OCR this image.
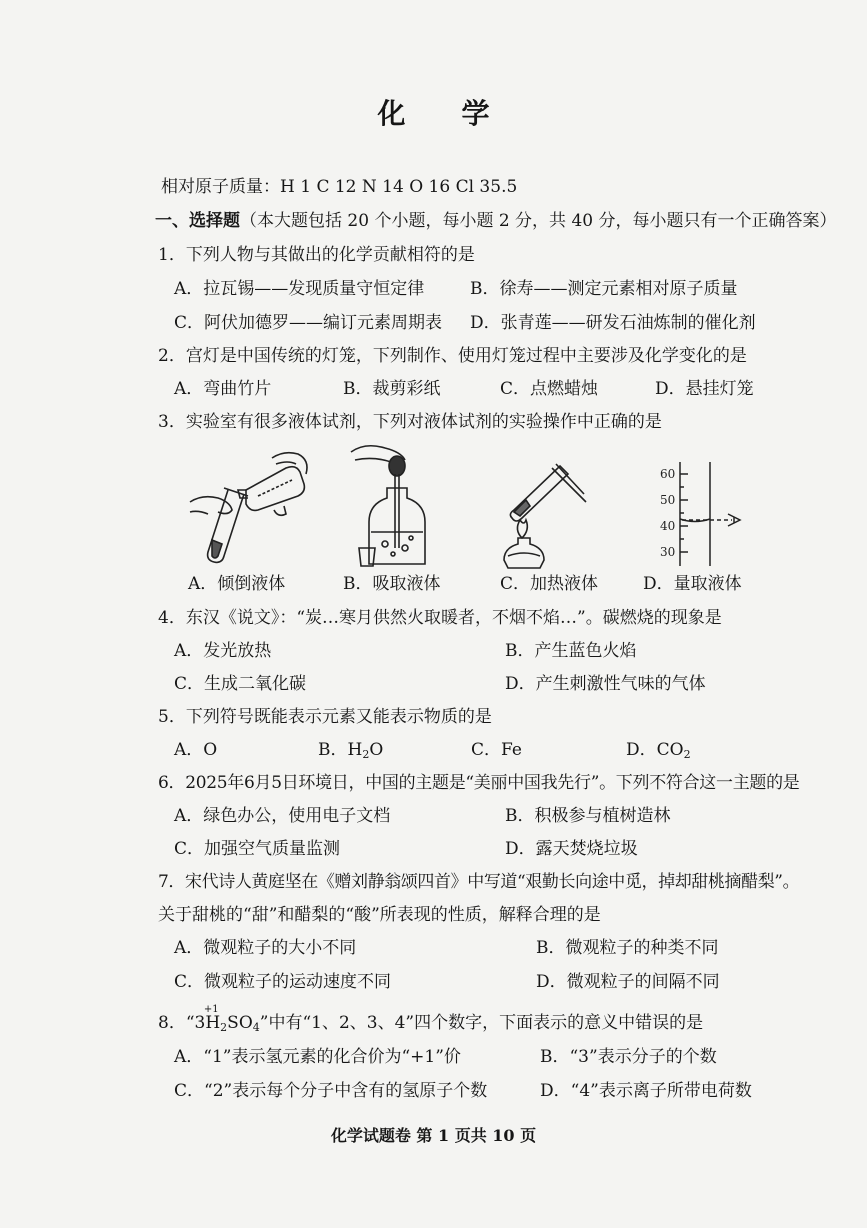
化 学
相对原子质量：H 1 C 12 N 14 O 16 Cl 35.5
一、选择题（本大题包括 20 个小题，每小题 2 分，共 40 分，每小题只有一个正确答案）
1．下列人物与其做出的化学贡献相符的是
A．拉瓦锡——发现质量守恒定律	B．徐寿——测定元素相对原子质量
C．阿伏加德罗——编订元素周期表 D．张青莲——研发石油炼制的催化剂
2．宫灯是中国传统的灯笼，下列制作、使用灯笼过程中主要涉及化学变化的是
A．弯曲竹片	B．裁剪彩纸	C．点燃蜡烛	D．悬挂灯笼
3．实验室有很多液体试剂，下列对液体试剂的实验操作中正确的是
60
50
40
30
A．倾倒液体	B．吸取液体	C．加热液体	D．量取液体
4．东汉《说文》：“炭…寒月供然火取暖者，不烟不焰…”。碳燃烧的现象是
A．发光放热	B．产生蓝色火焰
C．生成二氧化碳	D．产生刺激性气味的气体
5．下列符号既能表示元素又能表示物质的是
A．O	B．$H_2O$	C．Fe	D．$CO_2$
6．2025年6月5日环境日，中国的主题是“美丽中国我先行”。下列不符合这一主题的是
A．绿色办公，使用电子文档	B．积极参与植树造林
C．加强空气质量监测	D．露天焚烧垃圾
7．宋代诗人黄庭坚在《赠刘静翁颂四首》中写道“艰勤长向途中觅，掉却甜桃摘醋梨”。
关于甜桃的“甜”和醋梨的“酸”所表现的性质，解释合理的是
A．微观粒子的大小不同	B．微观粒子的种类不同
C．微观粒子的运动速度不同	D．微观粒子的间隔不同
8．
+1
“$3H_2SO_4$”中有“1、2、3、4”四个数字，下面表示的意义中错误的是
A．“1”表示氢元素的化合价为“+1”价	B．“3”表示分子的个数
C．“2”表示每个分子中含有的氢原子个数	D．“4”表示离子所带电荷数
化学试题卷 第 1 页共 10 页
